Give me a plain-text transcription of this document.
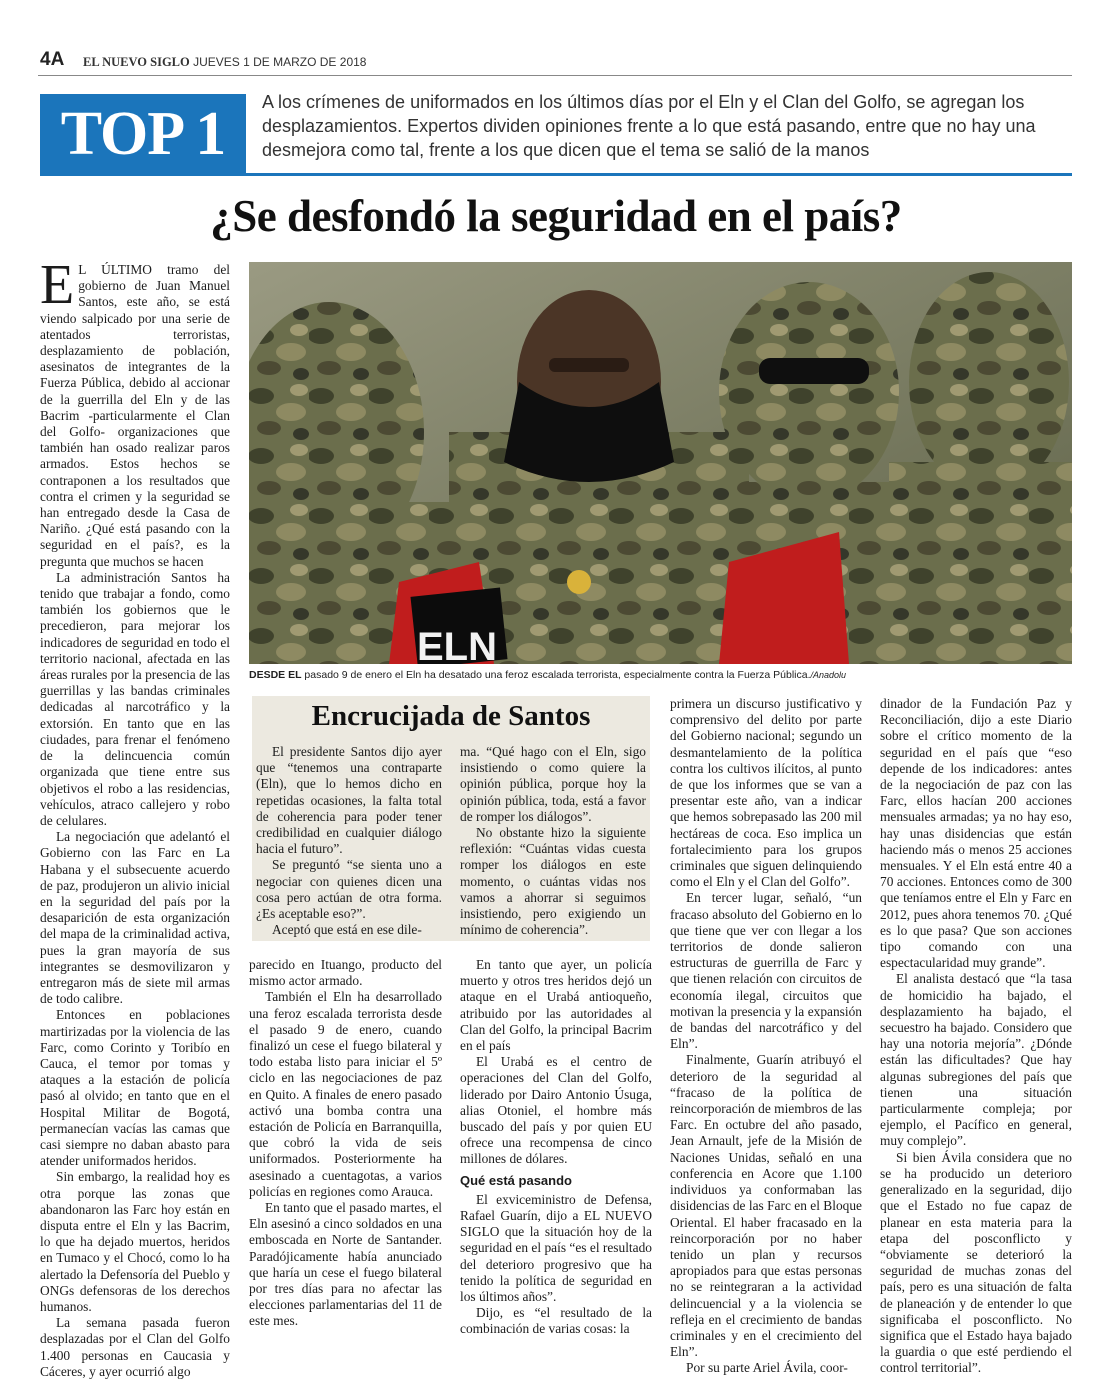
4A EL NUEVO SIGLO JUEVES 1 DE MARZO DE 2018
TOP 1	A los crímenes de uniformados en los últimos días por el Eln y el Clan del Golfo, se agregan los desplazamientos. Expertos dividen opiniones frente a lo que está pasando, entre que no hay una desmejora como tal, frente a los que dicen que el tema se salió de la manos
¿Se desfondó la seguridad en el país?
ELN
DESDE EL pasado 9 de enero el Eln ha desatado una feroz escalada terrorista, especialmente contra la Fuerza Pública./Anadolu
Encrucijada de Santos

El presidente Santos dijo ayer que “tenemos una contraparte (Eln), que lo hemos dicho en repetidas ocasiones, la falta total de coherencia para poder tener credibilidad en cualquier diálogo hacia el futuro”.

Se preguntó “se sienta uno a negociar con quienes dicen una cosa pero actúan de otra forma. ¿Es aceptable eso?”.

Aceptó que está en ese dile-

ma. “Qué hago con el Eln, sigo insistiendo o como quiere la opinión pública, porque hoy la opinión pública, toda, está a favor de romper los diálogos”.

No obstante hizo la siguiente reflexión: “Cuántas vidas cuesta romper los diálogos en este momento, o cuántas vidas nos vamos a ahorrar si seguimos insistiendo, pero exigiendo un mínimo de coherencia”.

E L ÚLTIMO tramo del gobierno de Juan Manuel Santos, este año, se está viendo salpicado por una serie de atentados terroristas, desplazamiento de población, asesinatos de integrantes de la Fuerza Pública, debido al accionar de la guerrilla del Eln y de las Bacrim -particularmente el Clan del Golfo- organizaciones que también han osado realizar paros armados. Estos hechos se contraponen a los resultados que contra el crimen y la seguridad se han entregado desde la Casa de Nariño. ¿Qué está pasando con la seguridad en el país?, es la pregunta que muchos se hacen

La administración Santos ha tenido que trabajar a fondo, como también los gobiernos que le precedieron, para mejorar los indicadores de seguridad en todo el territorio nacional, afectada en las áreas rurales por la presencia de las guerrillas y las bandas criminales dedicadas al narcotráfico y la extorsión. En tanto que en las ciudades, para frenar el fenómeno de la delincuencia común organizada que tiene entre sus objetivos el robo a las residencias, vehículos, atraco callejero y robo de celulares.

La negociación que adelantó el Gobierno con las Farc en La Habana y el subsecuente acuerdo de paz, produjeron un alivio inicial en la seguridad del país por la desaparición de esta organización del mapa de la criminalidad activa, pues la gran mayoría de sus integrantes se desmovilizaron y entregaron más de siete mil armas de todo calibre.

Entonces en poblaciones martirizadas por la violencia de las Farc, como Corinto y Toribío en Cauca, el temor por tomas y ataques a la estación de policía pasó al olvido; en tanto que en el Hospital Militar de Bogotá, permanecían vacías las camas que casi siempre no daban abasto para atender uniformados heridos.

Sin embargo, la realidad hoy es otra porque las zonas que abandonaron las Farc hoy están en disputa entre el Eln y las Bacrim, lo que ha dejado muertos, heridos en Tumaco y el Chocó, como lo ha alertado la Defensoría del Pueblo y ONGs defensoras de los derechos humanos.

La semana pasada fueron desplazadas por el Clan del Golfo 1.400 personas en Caucasia y Cáceres, y ayer ocurrió algo

parecido en Ituango, producto del mismo actor armado.

También el Eln ha desarrollado una feroz escalada terrorista desde el pasado 9 de enero, cuando finalizó un cese el fuego bilateral y todo estaba listo para iniciar el 5º ciclo en las negociaciones de paz en Quito. A finales de enero pasado activó una bomba contra una estación de Policía en Barranquilla, que cobró la vida de seis uniformados. Posteriormente ha asesinado a cuentagotas, a varios policías en regiones como Arauca.

En tanto que el pasado martes, el Eln asesinó a cinco soldados en una emboscada en Norte de Santander. Paradójicamente había anunciado que haría un cese el fuego bilateral por tres días para no afectar las elecciones parlamentarias del 11 de este mes.

En tanto que ayer, un policía muerto y otros tres heridos dejó un ataque en el Urabá antioqueño, atribuido por las autoridades al Clan del Golfo, la principal Bacrim en el país

El Urabá es el centro de operaciones del Clan del Golfo, liderado por Dairo Antonio Úsuga, alias Otoniel, el hombre más buscado del país y por quien EU ofrece una recompensa de cinco millones de dólares.

Qué está pasando

El exviceministro de Defensa, Rafael Guarín, dijo a EL NUEVO SIGLO que la situación hoy de la seguridad en el país “es el resultado del deterioro progresivo que ha tenido la política de seguridad en los últimos años”.

Dijo, es “el resultado de la combinación de varias cosas: la

primera un discurso justificativo y comprensivo del delito por parte del Gobierno nacional; segundo un desmantelamiento de la política contra los cultivos ilícitos, al punto de que los informes que se van a presentar este año, van a indicar que hemos sobrepasado las 200 mil hectáreas de coca. Eso implica un fortalecimiento para los grupos criminales que siguen delinquiendo como el Eln y el Clan del Golfo”.

En tercer lugar, señaló, “un fracaso absoluto del Gobierno en lo que tiene que ver con llegar a los territorios de donde salieron estructuras de guerrilla de Farc y que tienen relación con circuitos de economía ilegal, circuitos que motivan la presencia y la expansión de bandas del narcotráfico y del Eln”.

Finalmente, Guarín atribuyó el deterioro de la seguridad al “fracaso de la política de reincorporación de miembros de las Farc. En octubre del año pasado, Jean Arnault, jefe de la Misión de Naciones Unidas, señaló en una conferencia en Acore que 1.100 individuos ya conformaban las disidencias de las Farc en el Bloque Oriental. El haber fracasado en la reincorporación por no haber tenido un plan y recursos apropiados para que estas personas no se reintegraran a la actividad delincuencial y a la violencia se refleja en el crecimiento de bandas criminales y en el crecimiento del Eln”.

Por su parte Ariel Ávila, coor-

dinador de la Fundación Paz y Reconciliación, dijo a este Diario sobre el crítico momento de la seguridad en el país que “eso depende de los indicadores: antes de la negociación de paz con las Farc, ellos hacían 200 acciones mensuales armadas; ya no hay eso, hay unas disidencias que están haciendo más o menos 25 acciones mensuales. Y el Eln está entre 40 a 70 acciones. Entonces como de 300 que teníamos entre el Eln y Farc en 2012, pues ahora tenemos 70. ¿Qué es lo que pasa? Que son acciones tipo comando con una espectacularidad muy grande”.

El analista destacó que “la tasa de homicidio ha bajado, el desplazamiento ha bajado, el secuestro ha bajado. Considero que hay una notoria mejoría”. ¿Dónde están las dificultades? Que hay algunas subregiones del país que tienen una situación particularmente compleja; por ejemplo, el Pacífico en general, muy complejo”.

Si bien Ávila considera que no se ha producido un deterioro generalizado en la seguridad, dijo que el Estado no fue capaz de planear en esta materia para la etapa del posconflicto y “obviamente se deterioró la seguridad de muchas zonas del país, pero es una situación de falta de planeación y de entender lo que significaba el posconflicto. No significa que el Estado haya bajado la guardia o que esté perdiendo el control territorial”.
